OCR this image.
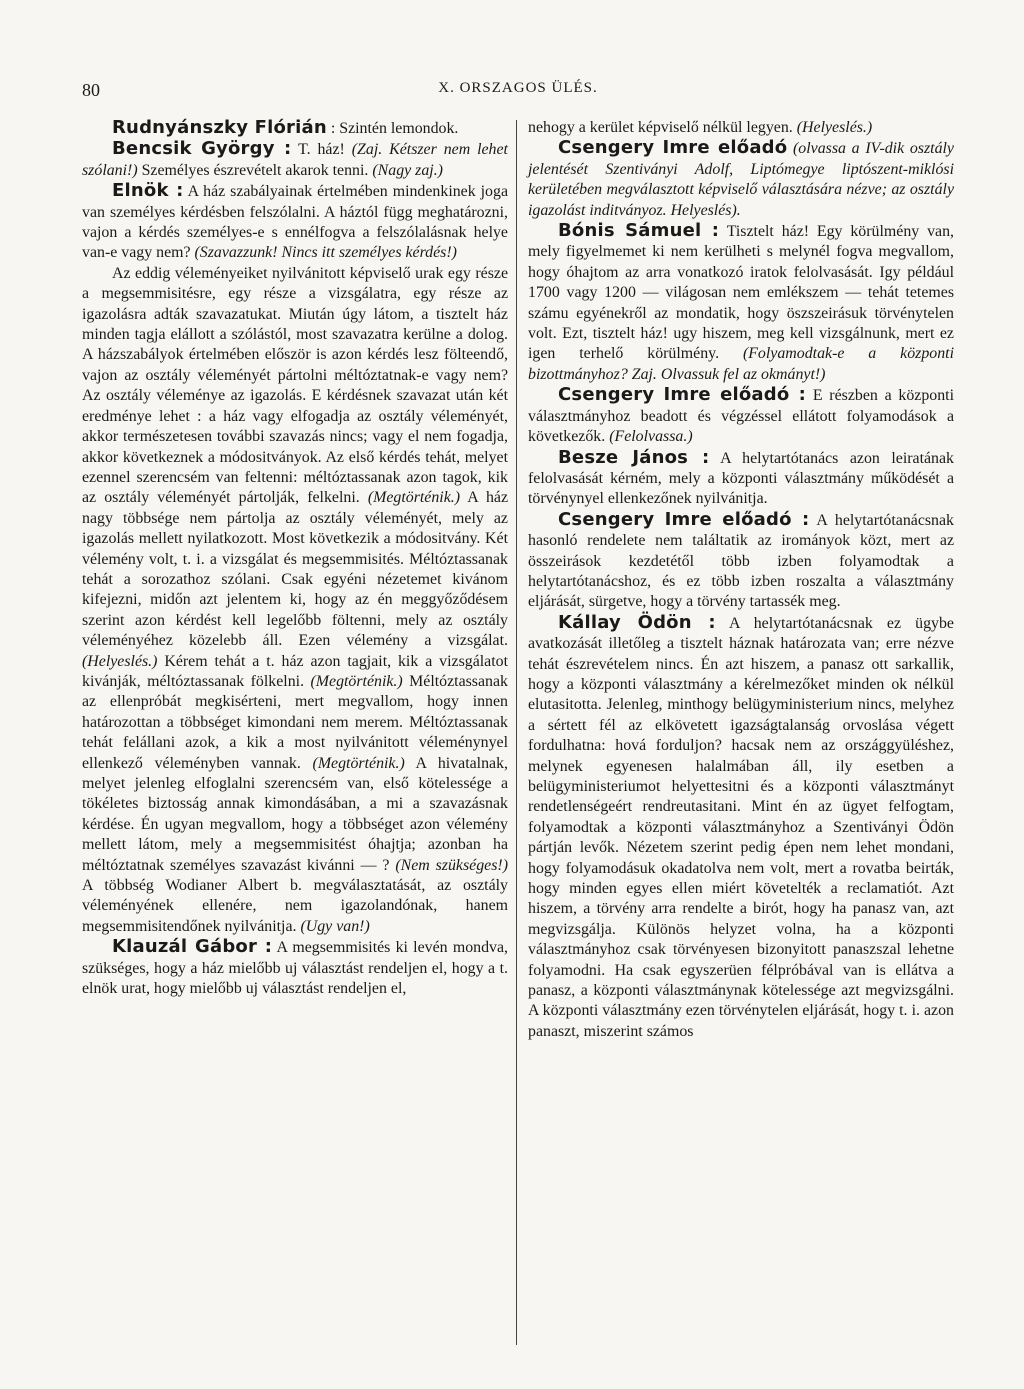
80	X. ORSZAGOS ÜLÉS.

Rudnyánszky Flórián : Szintén lemondok.

Bencsik György : T. ház! (Zaj. Kétszer nem lehet szólani!) Személyes észrevételt akarok tenni. (Nagy zaj.)

Elnök : A ház szabályainak értelmében mindenkinek joga van személyes kérdésben felszólalni. A háztól függ meghatározni, vajon a kérdés személyes-e s ennélfogva a felszólalásnak helye van-e vagy nem? (Szavazzunk! Nincs itt személyes kérdés!)

Az eddig véleményeiket nyilvánitott képviselő urak egy része a megsemmisitésre, egy része a vizsgálatra, egy része az igazolásra adták szavazatukat. Miután úgy látom, a tisztelt ház minden tagja elállott a szólástól, most szavazatra kerülne a dolog. A házszabályok értelmében először is azon kérdés lesz fölteendő, vajon az osztály véleményét pártolni méltóztatnak-e vagy nem? Az osztály véleménye az igazolás. E kérdésnek szavazat után két eredménye lehet : a ház vagy elfogadja az osztály véleményét, akkor természetesen további szavazás nincs; vagy el nem fogadja, akkor következnek a módositványok. Az első kérdés tehát, melyet ezennel szerencsém van feltenni: méltóztassanak azon tagok, kik az osztály véleményét pártolják, felkelni. (Megtörténik.) A ház nagy többsége nem pártolja az osztály véleményét, mely az igazolás mellett nyilatkozott. Most következik a módositvány. Két vélemény volt, t. i. a vizsgálat és megsemmisités. Méltóztassanak tehát a sorozathoz szólani. Csak egyéni nézetemet kivánom kifejezni, midőn azt jelentem ki, hogy az én meggyőződésem szerint azon kérdést kell legelőbb föltenni, mely az osztály véleményéhez közelebb áll. Ezen vélemény a vizsgálat. (Helyeslés.) Kérem tehát a t. ház azon tagjait, kik a vizsgálatot kivánják, méltóztassanak fölkelni. (Megtörténik.) Méltóztassanak az ellenpróbát megkisérteni, mert megvallom, hogy innen határozottan a többséget kimondani nem merem. Méltóztassanak tehát felállani azok, a kik a most nyilvánitott véleménynyel ellenkező véleményben vannak. (Megtörténik.) A hivatalnak, melyet jelenleg elfoglalni szerencsém van, első kötelessége a tökéletes biztosság annak kimondásában, a mi a szavazásnak kérdése. Én ugyan megvallom, hogy a többséget azon vélemény mellett látom, mely a megsemmisitést óhajtja; azonban ha méltóztatnak személyes szavazást kivánni — ? (Nem szükséges!) A többség Wodianer Albert b. megválasztatását, az osztály véleményének ellenére, nem igazolandónak, hanem megsemmisitendőnek nyilvánitja. (Ugy van!)

Klauzál Gábor : A megsemmisités ki levén mondva, szükséges, hogy a ház mielőbb uj választást rendeljen el, hogy a t. elnök urat, hogy mielőbb uj választást rendeljen el,

nehogy a kerület képviselő nélkül legyen. (Helyeslés.)

Csengery Imre előadó (olvassa a IV-dik osztály jelentését Szentiványi Adolf, Liptómegye liptószent-miklósi kerületében megválasztott képviselő választására nézve; az osztály igazolást inditványoz. Helyeslés).

Bónis Sámuel : Tisztelt ház! Egy körülmény van, mely figyelmemet ki nem kerülheti s melynél fogva megvallom, hogy óhajtom az arra vonatkozó iratok felolvasását. Igy például 1700 vagy 1200 — világosan nem emlékszem — tehát tetemes számu egyénekről az mondatik, hogy öszszeirásuk törvénytelen volt. Ezt, tisztelt ház! ugy hiszem, meg kell vizsgálnunk, mert ez igen terhelő körülmény. (Folyamodtak-e a központi bizottmányhoz? Zaj. Olvassuk fel az okmányt!)

Csengery Imre előadó : E részben a központi választmányhoz beadott és végzéssel ellátott folyamodások a következők. (Felolvassa.)

Besze János : A helytartótanács azon leiratának felolvasását kérném, mely a központi választmány működését a törvénynyel ellenkezőnek nyilvánitja.

Csengery Imre előadó : A helytartótanácsnak hasonló rendelete nem találtatik az irományok közt, mert az összeirások kezdetétől több izben folyamodtak a helytartótanácshoz, és ez több izben roszalta a választmány eljárását, sürgetve, hogy a törvény tartassék meg.

Kállay Ödön : A helytartótanácsnak ez ügybe avatkozását illetőleg a tisztelt háznak határozata van; erre nézve tehát észrevételem nincs. Én azt hiszem, a panasz ott sarkallik, hogy a központi választmány a kérelmezőket minden ok nélkül elutasitotta. Jelenleg, minthogy belügyministerium nincs, melyhez a sértett fél az elkövetett igazságtalanság orvoslása végett fordulhatna: hová forduljon? hacsak nem az országgyüléshez, melynek egyenesen halalmában áll, ily esetben a belügyministeriumot helyettesitni és a központi választmányt rendetlenségeért rendreutasitani. Mint én az ügyet felfogtam, folyamodtak a központi választmányhoz a Szentiványi Ödön pártján levők. Nézetem szerint pedig épen nem lehet mondani, hogy folyamodásuk okadatolva nem volt, mert a rovatba beirták, hogy minden egyes ellen miért követelték a reclamatiót. Azt hiszem, a törvény arra rendelte a birót, hogy ha panasz van, azt megvizsgálja. Különös helyzet volna, ha a központi választmányhoz csak törvényesen bizonyitott panaszszal lehetne folyamodni. Ha csak egyszerüen félpróbával van is ellátva a panasz, a központi választmánynak kötelessége azt megvizsgálni. A központi választmány ezen törvénytelen eljárását, hogy t. i. azon panaszt, miszerint számos
